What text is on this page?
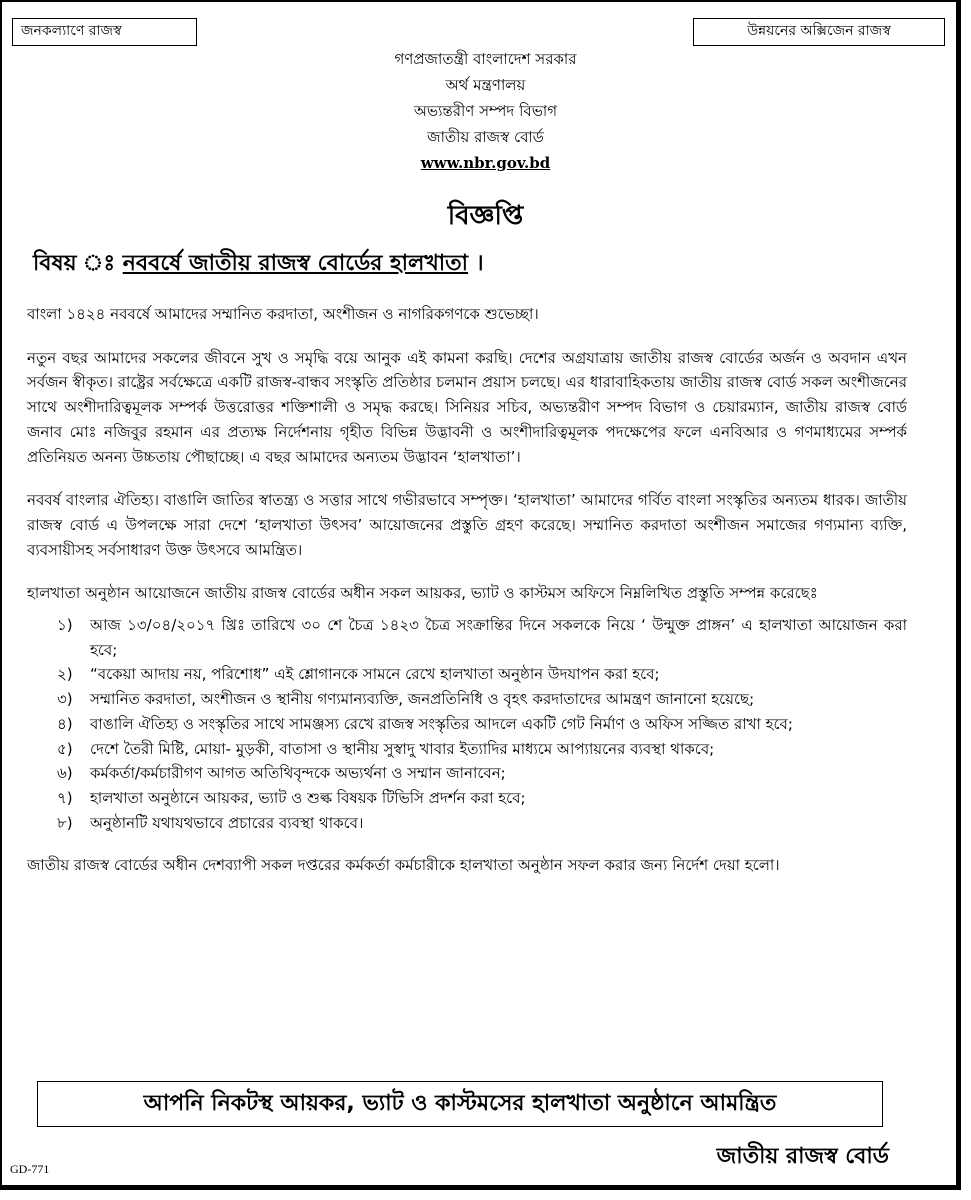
জনকল্যাণে রাজস্ব	উন্নয়নের অক্সিজেন রাজস্ব
গণপ্রজাতন্ত্রী বাংলাদেশ সরকার
অর্থ মন্ত্রণালয়
অভ্যন্তরীণ সম্পদ বিভাগ
জাতীয় রাজস্ব বোর্ড
www.nbr.gov.bd
বিজ্ঞপ্তি
বিষয় ঃ নববর্ষে জাতীয় রাজস্ব বোর্ডের হালখাতা ।

বাংলা ১৪২৪ নববর্ষে আমাদের সম্মানিত করদাতা, অংশীজন ও নাগরিকগণকে শুভেচ্ছা।

নতুন বছর আমাদের সকলের জীবনে সুখ ও সমৃদ্ধি বয়ে আনুক এই কামনা করছি। দেশের অগ্রযাত্রায় জাতীয় রাজস্ব বোর্ডের অর্জন ও অবদান এখন সর্বজন স্বীকৃত। রাষ্ট্রের সর্বক্ষেত্রে একটি রাজস্ব-বান্ধব সংস্কৃতি প্রতিষ্ঠার চলমান প্রয়াস চলছে। এর ধারাবাহিকতায় জাতীয় রাজস্ব বোর্ড সকল অংশীজনের সাথে অংশীদারিত্বমূলক সম্পর্ক উত্তরোত্তর শক্তিশালী ও সমৃদ্ধ করছে। সিনিয়র সচিব, অভ্যন্তরীণ সম্পদ বিভাগ ও চেয়ারম্যান, জাতীয় রাজস্ব বোর্ড জনাব মোঃ নজিবুর রহমান এর প্রত্যক্ষ নির্দেশনায় গৃহীত বিভিন্ন উদ্ভাবনী ও অংশীদারিত্বমূলক পদক্ষেপের ফলে এনবিআর ও গণমাধ্যমের সম্পর্ক প্রতিনিয়ত অনন্য উচ্চতায় পৌছাচ্ছে। এ বছর আমাদের অন্যতম উদ্ভাবন ‘হালখাতা’।

নববর্ষ বাংলার ঐতিহ্য। বাঙালি জাতির স্বাতন্ত্র্য ও সত্তার সাথে গভীরভাবে সম্পৃক্ত। ‘হালখাতা’ আমাদের গর্বিত বাংলা সংস্কৃতির অন্যতম ধারক। জাতীয় রাজস্ব বোর্ড এ উপলক্ষে সারা দেশে ‘হালখাতা উৎসব’ আয়োজনের প্রস্তুতি গ্রহণ করেছে। সম্মানিত করদাতা অংশীজন সমাজের গণ্যমান্য ব্যক্তি, ব্যবসায়ীসহ সর্বসাধারণ উক্ত উৎসবে আমন্ত্রিত।

হালখাতা অনুষ্ঠান আয়োজনে জাতীয় রাজস্ব বোর্ডের অধীন সকল আয়কর, ভ্যাট ও কাস্টমস অফিসে নিম্নলিখিত প্রস্তুতি সম্পন্ন করেছেঃ

১) আজ ১৩/০৪/২০১৭ খ্রিঃ তারিখে ৩০ শে চৈত্র ১৪২৩ চৈত্র সংক্রান্তির দিনে সকলকে নিয়ে ‘ উন্মুক্ত প্রাঙ্গন’ এ হালখাতা আয়োজন করা হবে;
২) “বকেয়া আদায় নয়, পরিশোধ” এই শ্লোগানকে সামনে রেখে হালখাতা অনুষ্ঠান উদযাপন করা হবে;
৩) সম্মানিত করদাতা, অংশীজন ও স্থানীয় গণ্যমান্যব্যক্তি, জনপ্রতিনিধি ও বৃহৎ করদাতাদের আমন্ত্রণ জানানো হয়েছে;
৪) বাঙালি ঐতিহ্য ও সংস্কৃতির সাথে সামঞ্জস্য রেখে রাজস্ব সংস্কৃতির আদলে একটি গেট নির্মাণ ও অফিস সজ্জিত রাখা হবে;
৫) দেশে তৈরী মিষ্টি, মোয়া- মুড়কী, বাতাসা ও স্থানীয় সুস্বাদু খাবার ইত্যাদির মাধ্যমে আপ্যায়নের ব্যবস্থা থাকবে;
৬) কর্মকর্তা/কর্মচারীগণ আগত অতিথিবৃন্দকে অভ্যর্থনা ও সম্মান জানাবেন;
৭) হালখাতা অনুষ্ঠানে আয়কর, ভ্যাট ও শুল্ক বিষয়ক টিভিসি প্রদর্শন করা হবে;
৮) অনুষ্ঠানটি যথাযথভাবে প্রচারের ব্যবস্থা থাকবে।

জাতীয় রাজস্ব বোর্ডের অধীন দেশব্যাপী সকল দপ্তরের কর্মকর্তা কর্মচারীকে হালখাতা অনুষ্ঠান সফল করার জন্য নির্দেশ দেয়া হলো।

আপনি নিকটস্থ আয়কর, ভ্যাট ও কাস্টমসের হালখাতা অনুষ্ঠানে আমন্ত্রিত
জাতীয় রাজস্ব বোর্ড
GD-771
